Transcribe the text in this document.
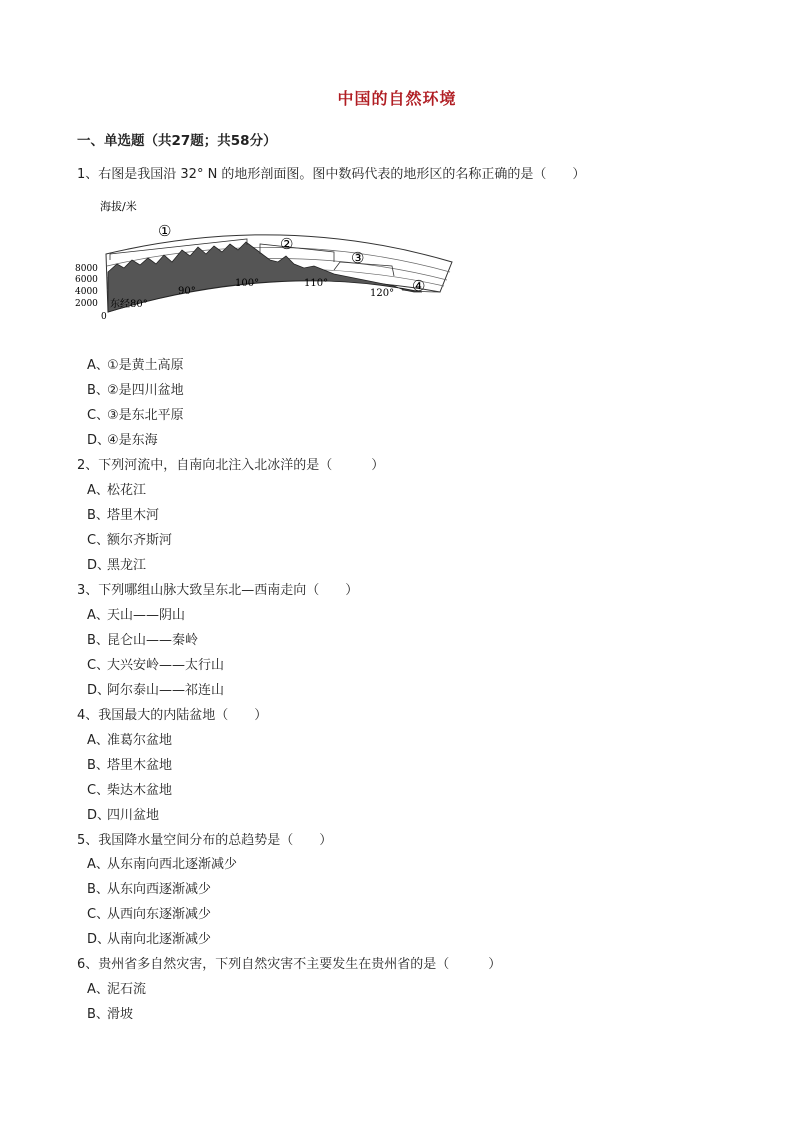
中国的自然环境
一、单选题（共27题；共58分）
1、右图是我国沿 32° N 的地形剖面图。图中数码代表的地形区的名称正确的是（　　）
海拔/米
8000
6000
4000
2000
0
东经80°
90°
100°	110°
120°
①
②
③
④
A、①是黄土高原
B、②是四川盆地
C、③是东北平原
D、④是东海
2、下列河流中，自南向北注入北冰洋的是（　　　）
A、松花江
B、塔里木河
C、额尔齐斯河
D、黑龙江
3、下列哪组山脉大致呈东北—西南走向（　　）
A、天山——阴山
B、昆仑山——秦岭
C、大兴安岭——太行山
D、阿尔泰山——祁连山
4、我国最大的内陆盆地（　　）
A、准葛尔盆地
B、塔里木盆地
C、柴达木盆地
D、四川盆地
5、我国降水量空间分布的总趋势是（　　）
A、从东南向西北逐渐减少
B、从东向西逐渐减少
C、从西向东逐渐减少
D、从南向北逐渐减少
6、贵州省多自然灾害，下列自然灾害不主要发生在贵州省的是（　　　）
A、泥石流
B、滑坡
